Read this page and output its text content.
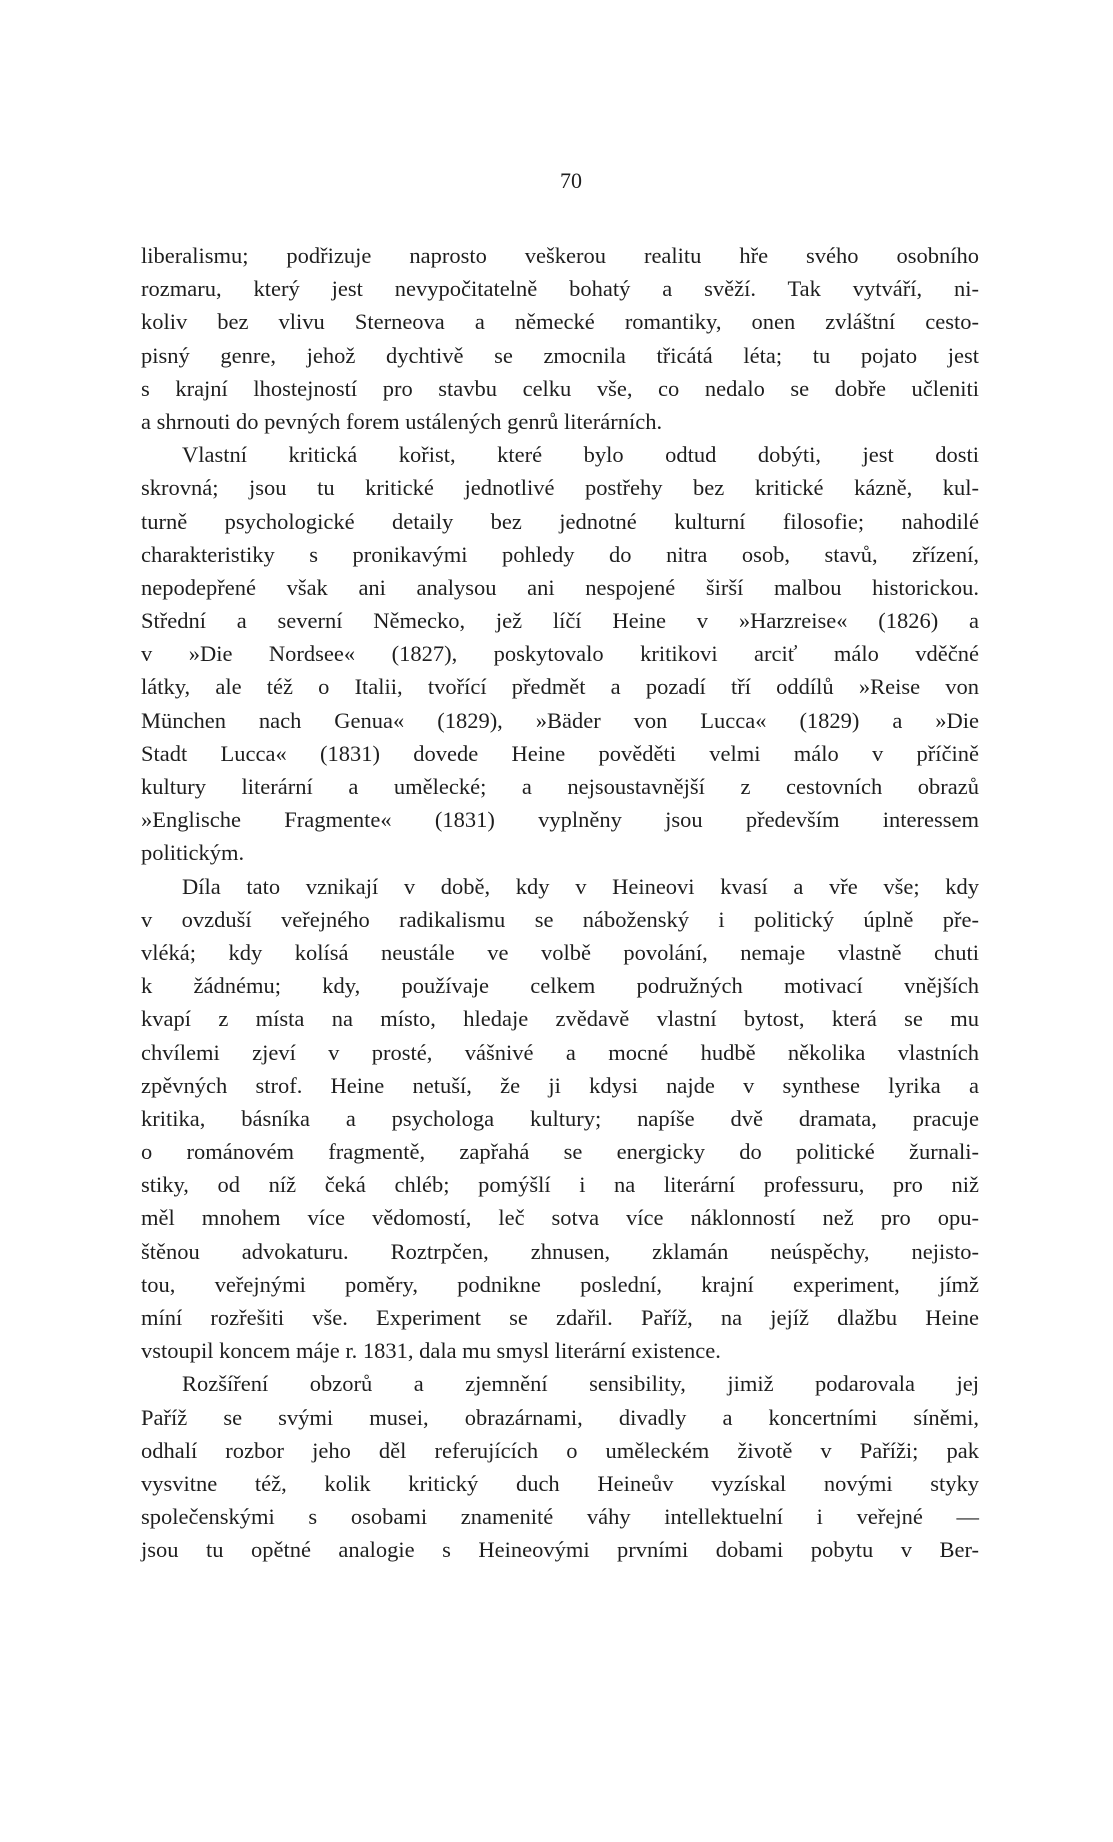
70
liberalismu; podřizuje naprosto veškerou realitu hře svého osobního
rozmaru, který jest nevypočitatelně bohatý a svěží. Tak vytváří, ni-
koliv bez vlivu Sterneova a německé romantiky, onen zvláštní cesto-
pisný genre, jehož dychtivě se zmocnila třicátá léta; tu pojato jest
s krajní lhostejností pro stavbu celku vše, co nedalo se dobře učleniti
a shrnouti do pevných forem ustálených genrů literárních.
Vlastní kritická kořist, které bylo odtud dobýti, jest dosti
skrovná; jsou tu kritické jednotlivé postřehy bez kritické kázně, kul-
turně psychologické detaily bez jednotné kulturní filosofie; nahodilé
charakteristiky s pronikavými pohledy do nitra osob, stavů, zřízení,
nepodepřené však ani analysou ani nespojené širší malbou historickou.
Střední a severní Německo, jež líčí Heine v »Harzreise« (1826) a
v »Die Nordsee« (1827), poskytovalo kritikovi arciť málo vděčné
látky, ale též o Italii, tvořící předmět a pozadí tří oddílů »Reise von
München nach Genua« (1829), »Bäder von Lucca« (1829) a »Die
Stadt Lucca« (1831) dovede Heine pověděti velmi málo v příčině
kultury literární a umělecké; a nejsoustavnější z cestovních obrazů
»Englische Fragmente« (1831) vyplněny jsou především interessem
politickým.
Díla tato vznikají v době, kdy v Heineovi kvasí a vře vše; kdy
v ovzduší veřejného radikalismu se náboženský i politický úplně pře-
vléká; kdy kolísá neustále ve volbě povolání, nemaje vlastně chuti
k žádnému; kdy, používaje celkem podružných motivací vnějších
kvapí z místa na místo, hledaje zvědavě vlastní bytost, která se mu
chvílemi zjeví v prosté, vášnivé a mocné hudbě několika vlastních
zpěvných strof. Heine netuší, že ji kdysi najde v synthese lyrika a
kritika, básníka a psychologa kultury; napíše dvě dramata, pracuje
o románovém fragmentě, zapřahá se energicky do politické žurnali-
stiky, od níž čeká chléb; pomýšlí i na literární professuru, pro niž
měl mnohem více vědomostí, leč sotva více náklonností než pro opu-
štěnou advokaturu. Roztrpčen, zhnusen, zklamán neúspěchy, nejisto-
tou, veřejnými poměry, podnikne poslední, krajní experiment, jímž
míní rozřešiti vše. Experiment se zdařil. Paříž, na jejíž dlažbu Heine
vstoupil koncem máje r. 1831, dala mu smysl literární existence.
Rozšíření obzorů a zjemnění sensibility, jimiž podarovala jej
Paříž se svými musei, obrazárnami, divadly a koncertními síněmi,
odhalí rozbor jeho děl referujících o uměleckém životě v Paříži; pak
vysvitne též, kolik kritický duch Heineův vyzískal novými styky
společenskými s osobami znamenité váhy intellektuelní i veřejné —
jsou tu opětné analogie s Heineovými prvními dobami pobytu v Ber-
